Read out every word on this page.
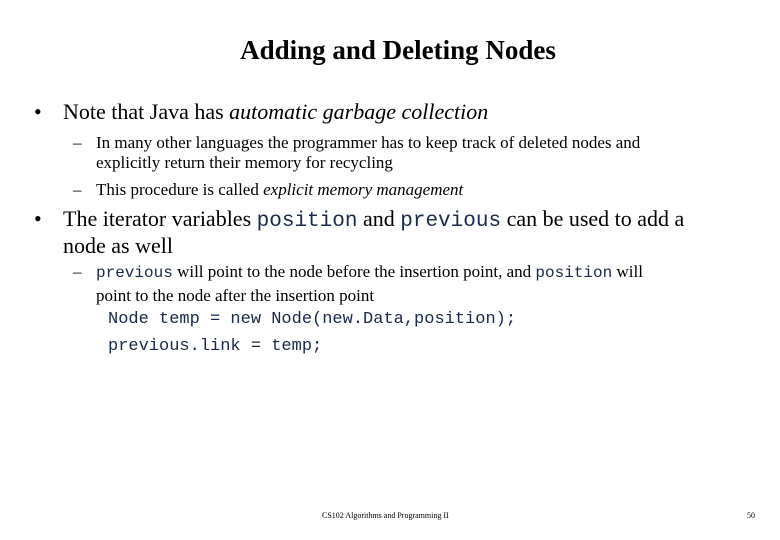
Adding and Deleting Nodes
• Note that Java has automatic garbage collection
– In many other languages the programmer has to keep track of deleted nodes and
explicitly return their memory for recycling
– This procedure is called explicit memory management
• The iterator variables position and previous can be used to add a
node as well
– previous will point to the node before the insertion point, and position will
point to the node after the insertion point
Node temp = new Node(new.Data,position);
previous.link = temp;
CS102 Algorithms and Programming II	50
